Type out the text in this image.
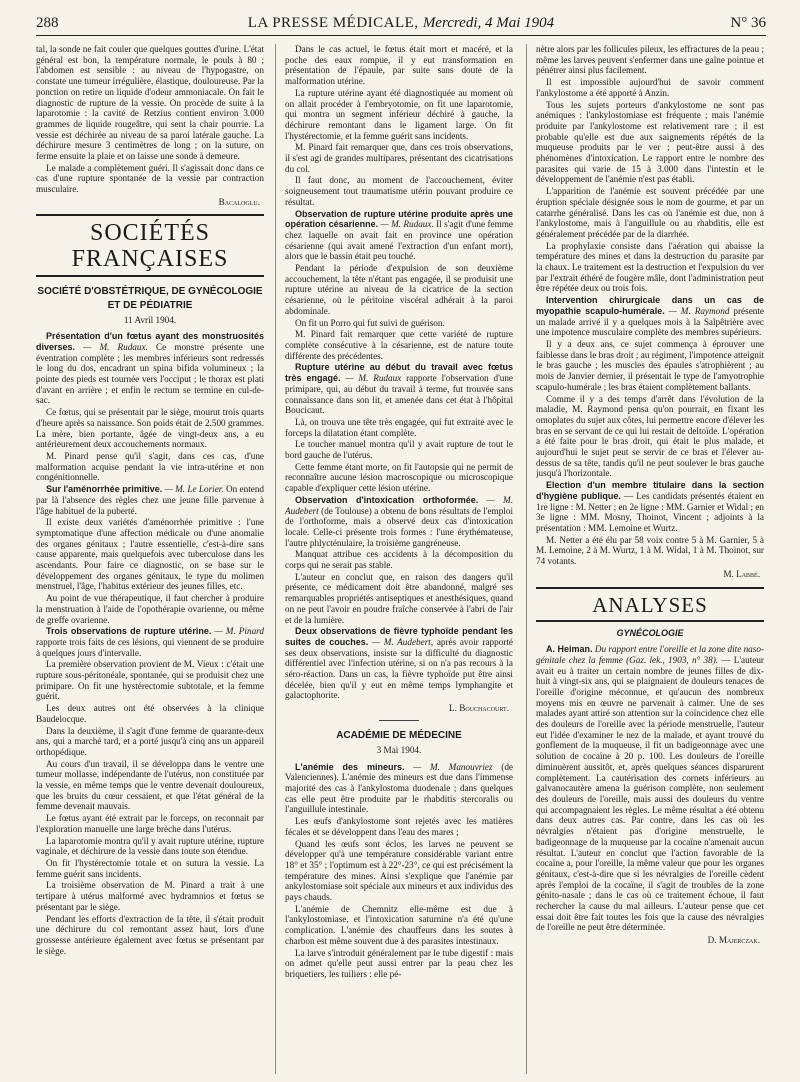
288	LA PRESSE MÉDICALE, Mercredi, 4 Mai 1904	N° 36

tal, la sonde ne fait couler que quelques gouttes d'urine. L'état général est bon, la température normale, le pouls à 80 ; l'abdomen est sensible : au niveau de l'hypogastre, on constate une tumeur irrégulière, élastique, douloureuse. Par la ponction on retire un liquide d'odeur ammoniacale. On fait le diagnostic de rupture de la vessie. On procède de suite à la laparotomie : la cavité de Retzius contient environ 3.000 grammes de liquide rougeâtre, qui sent la chair pourrie. La vessie est déchirée au niveau de sa paroi latérale gauche. La déchirure mesure 3 centimètres de long ; on la suture, on ferme ensuite la plaie et on laisse une sonde à demeure.

Le malade a complètement guéri. Il s'agissait donc dans ce cas d'une rupture spontanée de la vessie par contraction musculaire.

Bacaloglu.

SOCIÉTÉS FRANÇAISES
SOCIÉTÉ D'OBSTÉTRIQUE, DE GYNÉCOLOGIE ET DE PÉDIATRIE
11 Avril 1904.

Présentation d'un fœtus ayant des monstruosités diverses. — M. Rudaux. Ce monstre présente une éventration complète ; les membres inférieurs sont redressés le long du dos, encadrant un spina bifida volumineux ; la pointe des pieds est tournée vers l'occiput ; le thorax est plati d'avant en arrière ; et enfin le rectum se termine en cul-de-sac.

Ce fœtus, qui se présentait par le siège, mourut trois quarts d'heure après sa naissance. Son poids était de 2.500 grammes. La mère, bien portante, âgée de vingt-deux ans, a eu antérieurement deux accouchements normaux.

M. Pinard pense qu'il s'agit, dans ces cas, d'une malformation acquise pendant la vie intra-utérine et non congénitionnelle.

Sur l'aménorrhée primitive. — M. Le Lorier. On entend par là l'absence des règles chez une jeune fille parvenue à l'âge habituel de la puberté.

Il existe deux variétés d'aménorrhée primitive : l'une symptomatique d'une affection médicale ou d'une anomalie des organes génitaux ; l'autre essentielle, c'est-à-dire sans cause apparente, mais quelquefois avec tuberculose dans les ascendants. Pour faire ce diagnostic, on se base sur le développement des organes génitaux, le type du molimen menstruel, l'âge, l'habitus extérieur des jeunes filles, etc.

Au point de vue thérapeutique, il faut chercher à produire la menstruation à l'aide de l'opothérapie ovarienne, ou même de greffe ovarienne.

Trois observations de rupture utérine. — M. Pinard rapporte trois faits de ces lésions, qui viennent de se produire à quelques jours d'intervalle.

La première observation provient de M. Vieux : c'était une rupture sous-péritonéale, spontanée, qui se produisit chez une primipare. On fit une hystérectomie subtotale, et la femme guérit.

Les deux autres ont été observées à la clinique Baudelocque.

Dans la deuxième, il s'agit d'une femme de quarante-deux ans, qui a marché tard, et a porté jusqu'à cinq ans un appareil orthopédique.

Au cours d'un travail, il se développa dans le ventre une tumeur mollasse, indépendante de l'utérus, non constituée par la vessie, en même temps que le ventre devenait douloureux, que les bruits du cœur cessaient, et que l'état général de la femme devenait mauvais.

Le fœtus ayant été extrait par le forceps, on reconnait par l'exploration manuelle une large brèche dans l'utérus.

La laparotomie montra qu'il y avait rupture utérine, rupture vaginale, et déchirure de la vessie dans toute son étendue.

On fit l'hystérectomie totale et on sutura la vessie. La femme guérit sans incidents.

La troisième observation de M. Pinard a trait à une tertipare à utérus malformé avec hydramnios et fœtus se présentant par le siège.

Pendant les efforts d'extraction de la tête, il s'était produit une déchirure du col remontant assez haut, lors d'une grossesse antérieure également avec fœtus se présentant par le siège.

Dans le cas actuel, le fœtus était mort et macéré, et la poche des eaux rompue, il y eut transformation en présentation de l'épaule, par suite sans doute de la malformation utérine.

La rupture utérine ayant été diagnostiquée au moment où on allait procéder à l'embryotomie, on fit une laparotomie, qui montra un segment inférieur déchiré à gauche, la déchirure remontant dans le ligament large. On fit l'hystérectomie, et la femme guérit sans incidents.

M. Pinard fait remarquer que, dans ces trois observations, il s'est agi de grandes multipares, présentant des cicatrisations du col.

Il faut donc, au moment de l'accouchement, éviter soigneusement tout traumatisme utérin pouvant produire ce résultat.

Observation de rupture utérine produite après une opération césarienne. — M. Rudaux. Il s'agit d'une femme chez laquelle on avait fait en province une opération césarienne (qui avait amené l'extraction d'un enfant mort), alors que le bassin était peu touché.

Pendant la période d'expulsion de son deuxième accouchement, la tête n'étant pas engagée, il se produisit une rupture utérine au niveau de la cicatrice de la section césarienne, où le péritoine viscéral adhérait à la paroi abdominale.

On fit un Porro qui fut suivi de guérison.

M. Pinard fait remarquer que cette variété de rupture complète consécutive à la césarienne, est de nature toute différente des précédentes.

Rupture utérine au début du travail avec fœtus très engagé. — M. Rudaux rapporte l'observation d'une primipare, qui, au début du travail à terme, fut trouvée sans connaissance dans son lit, et amenée dans cet état à l'hôpital Boucicaut.

Là, on trouva une tête très engagée, qui fut extraite avec le forceps la dilatation étant complète.

Le toucher manuel montra qu'il y avait rupture de tout le bord gauche de l'utérus.

Cette femme étant morte, on fit l'autopsie qui ne permit de reconnaître aucune lésion macroscopique ou microscopique capable d'expliquer cette lésion utérine.

Observation d'intoxication orthoformée. — M. Audebert (de Toulouse) a obtenu de bons résultats de l'emploi de l'orthoforme, mais a observé deux cas d'intoxication locale. Celle-ci présente trois formes : l'une érythémateuse, l'autre phlycténulaire, la troisième gangréneuse.

Manquat attribue ces accidents à la décomposition du corps qui ne serait pas stable.

L'auteur en conclut que, en raison des dangers qu'il présente, ce médicament doit être abandonné, malgré ses remarquables propriétés antiseptiques et anesthésiques, quand on ne peut l'avoir en poudre fraîche conservée à l'abri de l'air et de la lumière.

Deux observations de fièvre typhoïde pendant les suites de couches. — M. Audebert, après avoir rapporté ses deux observations, insiste sur la difficulté du diagnostic différentiel avec l'infection utérine, si on n'a pas recours à la séro-réaction. Dans un cas, la fièvre typhoïde put être ainsi décelée, bien qu'il y eut en même temps lymphangite et galactophorite.

L. Bouchacourt.

ACADÉMIE DE MÉDECINE
3 Mai 1904.

L'anémie des mineurs. — M. Manouvriez (de Valenciennes). L'anémie des mineurs est due dans l'immense majorité des cas à l'ankylostoma duodenale ; dans quelques cas elle peut être produite par le rhabditis stercoralis ou l'anguillule intestinale.

Les œufs d'ankylostome sont rejetés avec les matières fécales et se développent dans l'eau des mares ;

Quand les œufs sont éclos, les larves ne peuvent se développer qu'à une température considérable variant entre 18° et 35° ; l'optimum est à 22°-23°, ce qui est précisément la température des mines. Ainsi s'explique que l'anémie par ankylostomiase soit spéciale aux mineurs et aux individus des pays chauds.

L'anémie de Chemnitz elle-même est due à l'ankylostomiase, et l'intoxication saturnine n'a été qu'une complication. L'anémie des chauffeurs dans les soutes à charbon est même souvent due à des parasites intestinaux.

La larve s'introduit généralement par le tube digestif : mais on admet qu'elle peut aussi entrer par la peau chez les briquetiers, les tuiliers : elle pé-

nètre alors par les follicules pileux, les effractures de la peau ; même les larves peuvent s'enfermer dans une gaîne pointue et pénétrer ainsi plus facilement.

Il est impossible aujourd'hui de savoir comment l'ankylostome a été apporté à Anzin.

Tous les sujets porteurs d'ankylostome ne sont pas anémiques : l'ankylostomiase est fréquente ; mais l'anémie produite par l'ankylostome est relativement rare ; il est probable qu'elle est due aux saignements répétés de la muqueuse produits par le ver ; peut-être aussi à des phénomènes d'intoxication. Le rapport entre le nombre des parasites qui varie de 15 à 3.000 dans l'intestin et le développement de l'anémie n'est pas établi.

L'apparition de l'anémie est souvent précédée par une éruption spéciale désignée sous le nom de gourme, et par un catarrhe généralisé. Dans les cas où l'anémie est due, non à l'ankylostome, mais à l'anguillule ou au rhabditis, elle est généralement précédée par de la diarrhée.

La prophylaxie consiste dans l'aération qui abaisse la température des mines et dans la destruction du parasite par la chaux. Le traitement est la destruction et l'expulsion du ver par l'extrait éthéré de fougère mâle, dont l'administration peut être répétée deux ou trois fois.

Intervention chirurgicale dans un cas de myopathie scapulo-humérale. — M. Raymond présente un malade arrivé il y a quelques mois à la Salpêtrière avec une impotence musculaire complète des membres supérieurs.

Il y a deux ans, ce sujet commença à éprouver une faiblesse dans le bras droit ; au régiment, l'impotence atteignit le bras gauche ; les muscles des épaules s'atrophièrent ; au mois de Janvier dernier, il présentait le type de l'amyotrophie scapulo-humérale ; les bras étaient complètement ballants.

Comme il y a des temps d'arrêt dans l'évolution de la maladie, M. Raymond pensa qu'on pourrait, en fixant les omoplates du sujet aux côtes, lui permettre encore d'élever les bras en se servant de ce qui lui restait de deltoïde. L'opération a été faite pour le bras droit, qui était le plus malade, et aujourd'hui le sujet peut se servir de ce bras et l'élever au-dessus de sa tête, tandis qu'il ne peut soulever le bras gauche jusqu'à l'horizontale.

Election d'un membre titulaire dans la section d'hygiène publique. — Les candidats présentés étaient en 1re ligne : M. Netter ; en 2e ligne : MM. Garnier et Widal ; en 3e ligne : MM. Mosny, Thoinot, Vincent ; adjoints à la présentation : MM. Lemoine et Wurtz.

M. Netter a été élu par 58 voix contre 5 à M. Garnier, 5 à M. Lemoine, 2 à M. Wurtz, 1 à M. Widal, 1 à M. Thoinot, sur 74 votants.

M. Labbé.

ANALYSES
GYNÉCOLOGIE

A. Heiman. Du rapport entre l'oreille et la zone dite naso-génitale chez la femme (Gaz. lek., 1903, n° 38). — L'auteur avait eu à traiter un certain nombre de jeunes filles de dix-huit à vingt-six ans, qui se plaignaient de douleurs tenaces de l'oreille d'origine méconnue, et qu'aucun des nombreux moyens mis en œuvre ne parvenait à calmer. Une de ses malades ayant attiré son attention sur la coïncidence chez elle des douleurs de l'oreille avec la période menstruelle, l'auteur eut l'idée d'examiner le nez de la malade, et ayant trouvé du gonflement de la muqueuse, il fit un badigeonnage avec une solution de cocaïne à 20 p. 100. Les douleurs de l'oreille diminuèrent aussitôt, et, après quelques séances disparurent complètement. La cautérisation des cornets inférieurs au galvanocautère amena la guérison complète, non seulement des douleurs de l'oreille, mais aussi des douleurs du ventre qui accompagnaient les règles. Le même résultat a été obtenu dans deux autres cas. Par contre, dans les cas où les névralgies n'étaient pas d'origine menstruelle, le badigeonnage de la muqueuse par la cocaïne n'amenait aucun résultat. L'auteur en conclut que l'action favorable de la cocaïne a, pour l'oreille, la même valeur que pour les organes génitaux, c'est-à-dire que si les névralgies de l'oreille cèdent après l'emploi de la cocaïne, il s'agit de troubles de la zone génito-nasale ; dans le cas où ce traitement échoue, il faut rechercher la cause du mal ailleurs. L'auteur pense que cet essai doit être fait toutes les fois que la cause des névralgies de l'oreille ne peut être déterminée.

D. Majerczak.
